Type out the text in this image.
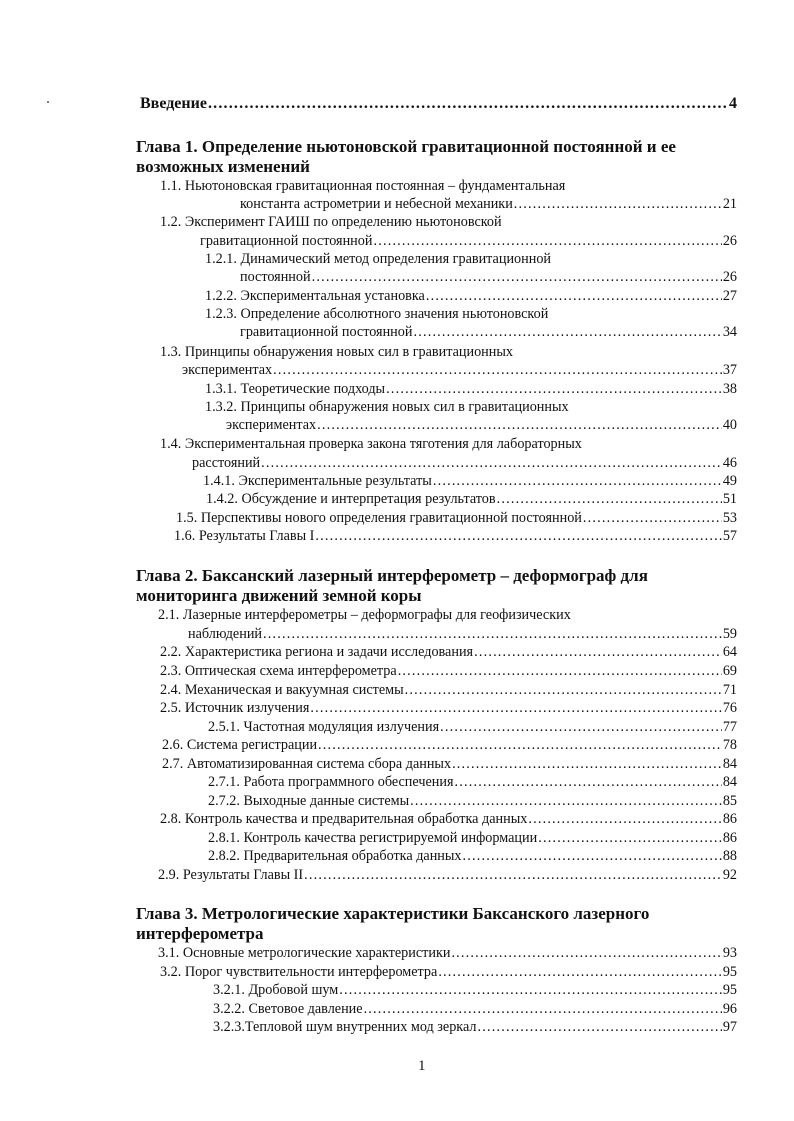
Введение .....	4
Глава 1. Определение ньютоновской гравитационной постоянной и ее
возможных изменений
1.1. Ньютоновская гравитационная постоянная – фундаментальная
константа астрометрии и небесной механики .....	21
1.2. Эксперимент ГАИШ по определению ньютоновской
гравитационной постоянной .....	26
1.2.1. Динамический метод определения гравитационной
постоянной .....	26
1.2.2. Экспериментальная установка .....	27
1.2.3. Определение абсолютного значения ньютоновской
гравитационной постоянной .....	34
1.3. Принципы обнаружения новых сил в гравитационных
экспериментах .....	37
1.3.1. Теоретические подходы .....	38
1.3.2. Принципы обнаружения новых сил в гравитационных
экспериментах .....	40
1.4. Экспериментальная проверка закона тяготения для лабораторных
расстояний .....	46
1.4.1. Экспериментальные результаты .....	49
1.4.2. Обсуждение и интерпретация результатов .....	51
1.5. Перспективы нового определения гравитационной постоянной .....	53
1.6. Результаты Главы I .....	57
Глава 2. Баксанский лазерный интерферометр – деформограф для
мониторинга движений земной коры
2.1. Лазерные интерферометры – деформографы для геофизических
наблюдений .....	59
2.2. Характеристика региона и задачи исследования .....	64
2.3. Оптическая схема интерферометра .....	69
2.4. Механическая и вакуумная системы .....	71
2.5. Источник излучения .....	76
2.5.1. Частотная модуляция излучения .....	77
2.6. Система регистрации .....	78
2.7. Автоматизированная система сбора данных .....	84
2.7.1. Работа программного обеспечения .....	84
2.7.2. Выходные данные системы .....	85
2.8. Контроль качества и предварительная обработка данных .....	86
2.8.1. Контроль качества регистрируемой информации .....	86
2.8.2. Предварительная обработка данных .....	88
2.9. Результаты Главы II .....	92
Глава 3. Метрологические характеристики Баксанского лазерного
интерферометра
3.1. Основные метрологические характеристики .....	93
3.2. Порог чувствительности интерферометра .....	95
3.2.1. Дробовой шум .....	95
3.2.2. Световое давление .....	96
3.2.3.Тепловой шум внутренних мод зеркал .....	97
1
